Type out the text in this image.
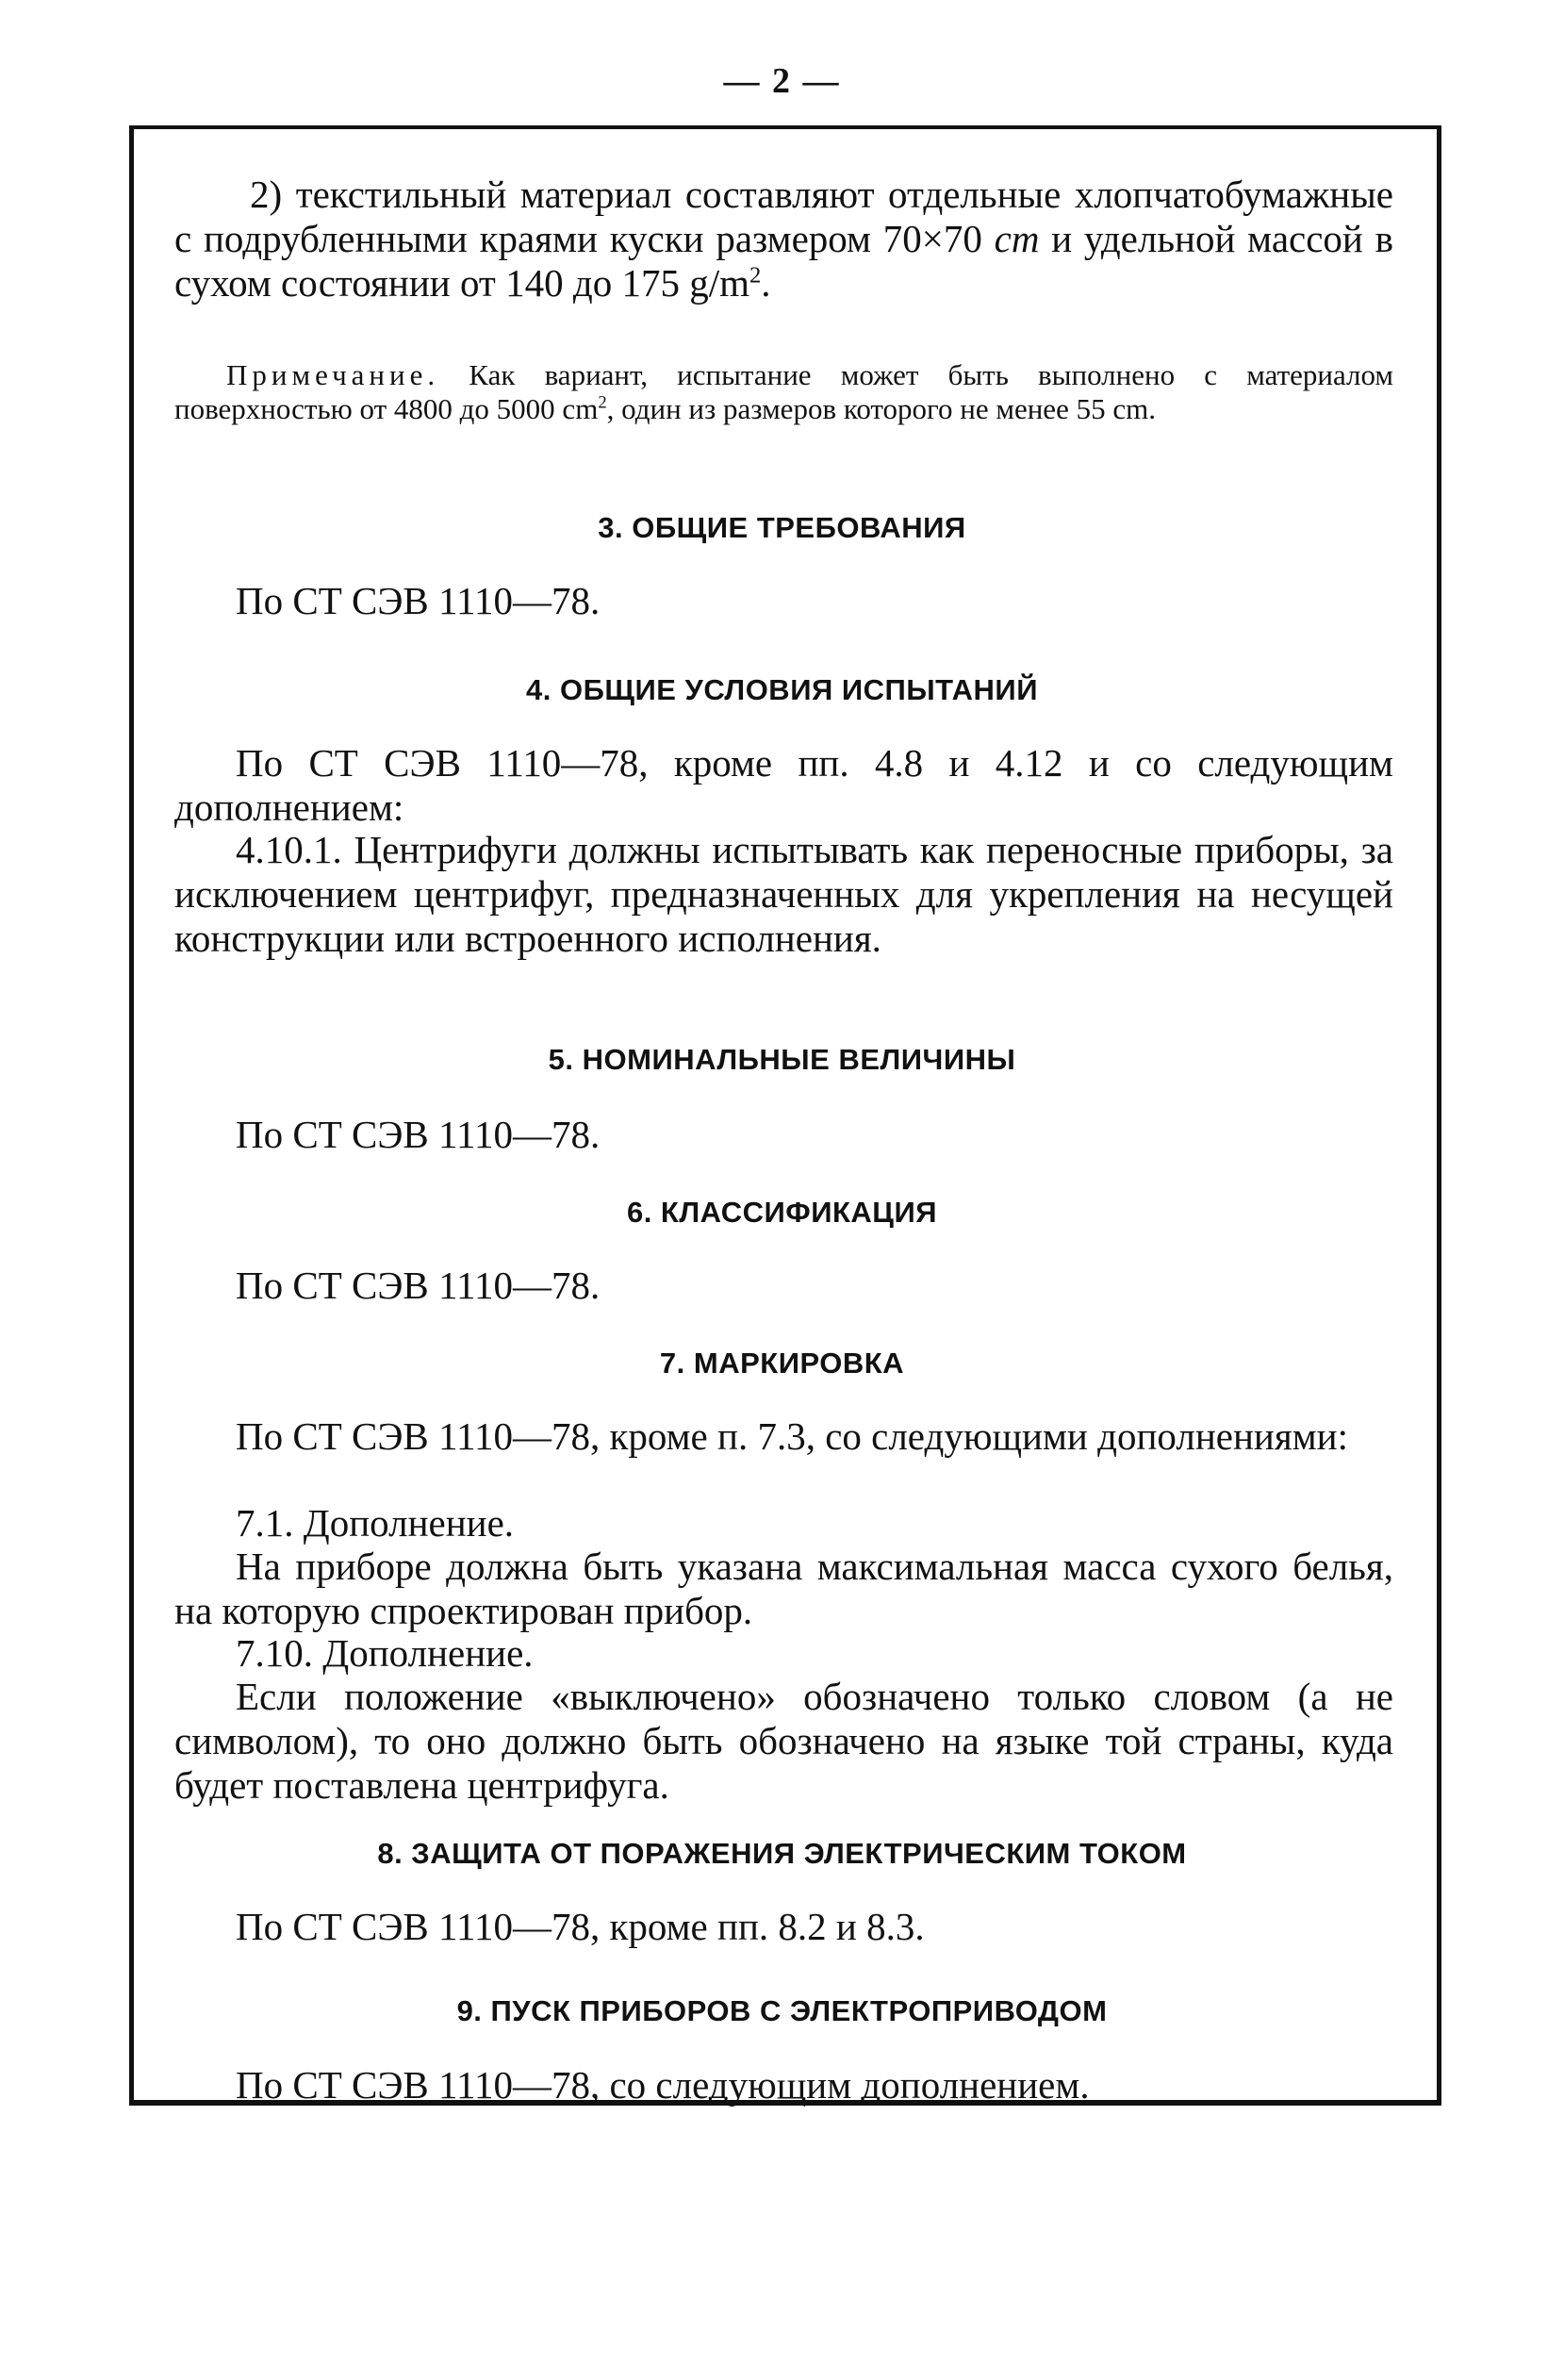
— 2 —

2) текстильный материал составляют отдельные хлопчатобумажные с подрубленными краями куски размером 70×70 cm и удельной массой в сухом состоянии от 140 до 175 $g/m^2$.

Примечание. Как вариант, испытание может быть выполнено с материалом поверхностью от 4800 до 5000 $cm^2$, один из размеров которого не менее 55 cm.

3. ОБЩИЕ ТРЕБОВАНИЯ

По СТ СЭВ 1110—78.

4. ОБЩИЕ УСЛОВИЯ ИСПЫТАНИЙ

По СТ СЭВ 1110—78, кроме пп. 4.8 и 4.12 и со следующим дополнением:

4.10.1. Центрифуги должны испытывать как переносные приборы, за исключением центрифуг, предназначенных для укрепления на несущей конструкции или встроенного исполнения.

5. НОМИНАЛЬНЫЕ ВЕЛИЧИНЫ

По СТ СЭВ 1110—78.

6. КЛАССИФИКАЦИЯ

По СТ СЭВ 1110—78.

7. МАРКИРОВКА

По СТ СЭВ 1110—78, кроме п. 7.3, со следующими дополнениями:

7.1. Дополнение.

На приборе должна быть указана максимальная масса сухого белья, на которую спроектирован прибор.

7.10. Дополнение.

Если положение «выключено» обозначено только словом (а не символом), то оно должно быть обозначено на языке той страны, куда будет поставлена центрифуга.

8. ЗАЩИТА ОТ ПОРАЖЕНИЯ ЭЛЕКТРИЧЕСКИМ ТОКОМ

По СТ СЭВ 1110—78, кроме пп. 8.2 и 8.3.

9. ПУСК ПРИБОРОВ С ЭЛЕКТРОПРИВОДОМ

По СТ СЭВ 1110—78, со следующим дополнением.
